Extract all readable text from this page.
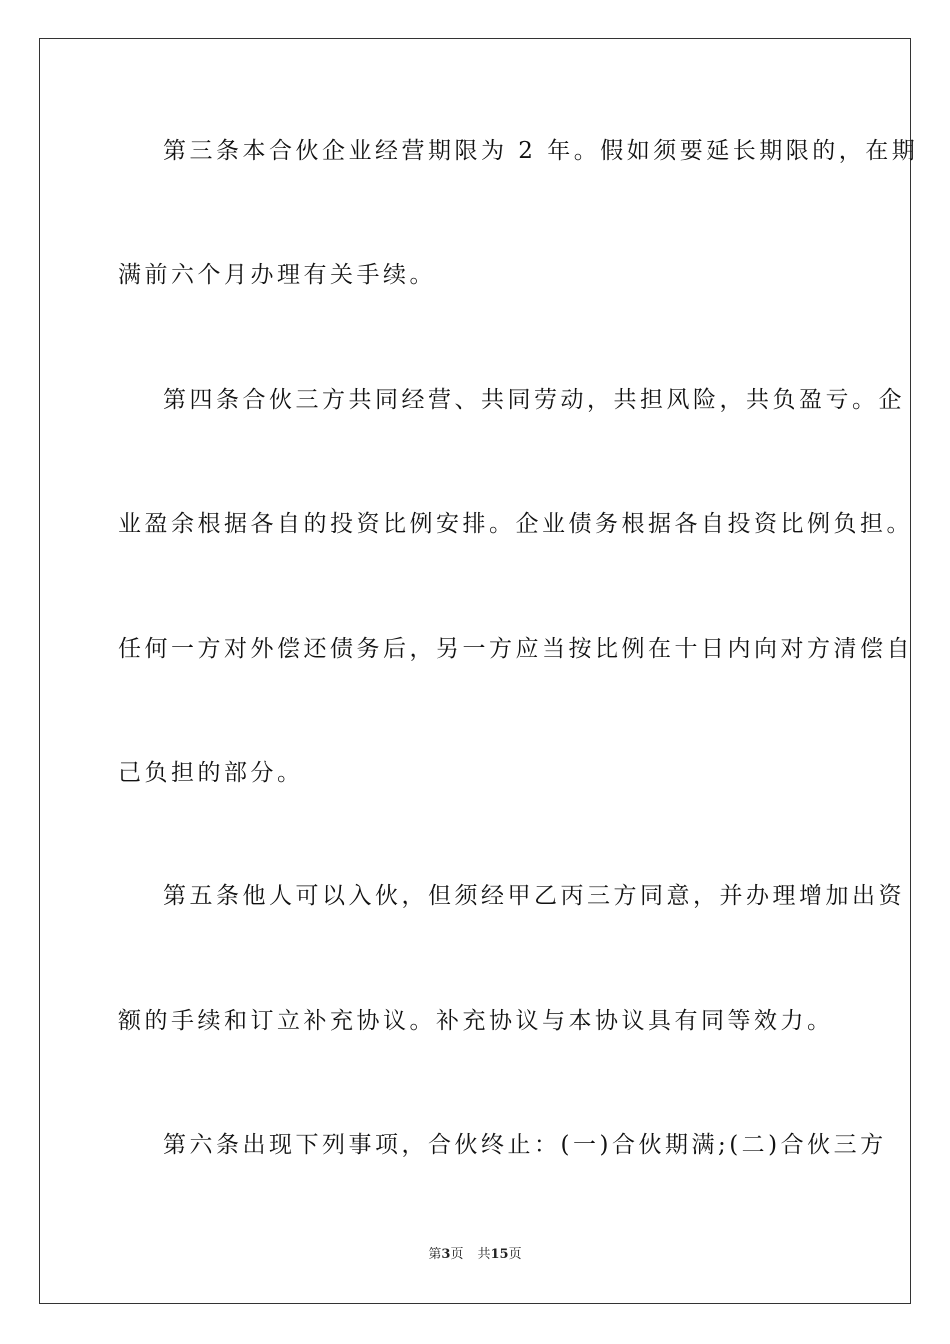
第三条本合伙企业经营期限为 2 年。假如须要延长期限的，在期
满前六个月办理有关手续。
第四条合伙三方共同经营、共同劳动，共担风险，共负盈亏。企
业盈余根据各自的投资比例安排。企业债务根据各自投资比例负担。
任何一方对外偿还债务后，另一方应当按比例在十日内向对方清偿自
己负担的部分。
第五条他人可以入伙，但须经甲乙丙三方同意，并办理增加出资
额的手续和订立补充协议。补充协议与本协议具有同等效力。
第六条出现下列事项，合伙终止：(一)合伙期满;(二)合伙三方
第3页 共15页
